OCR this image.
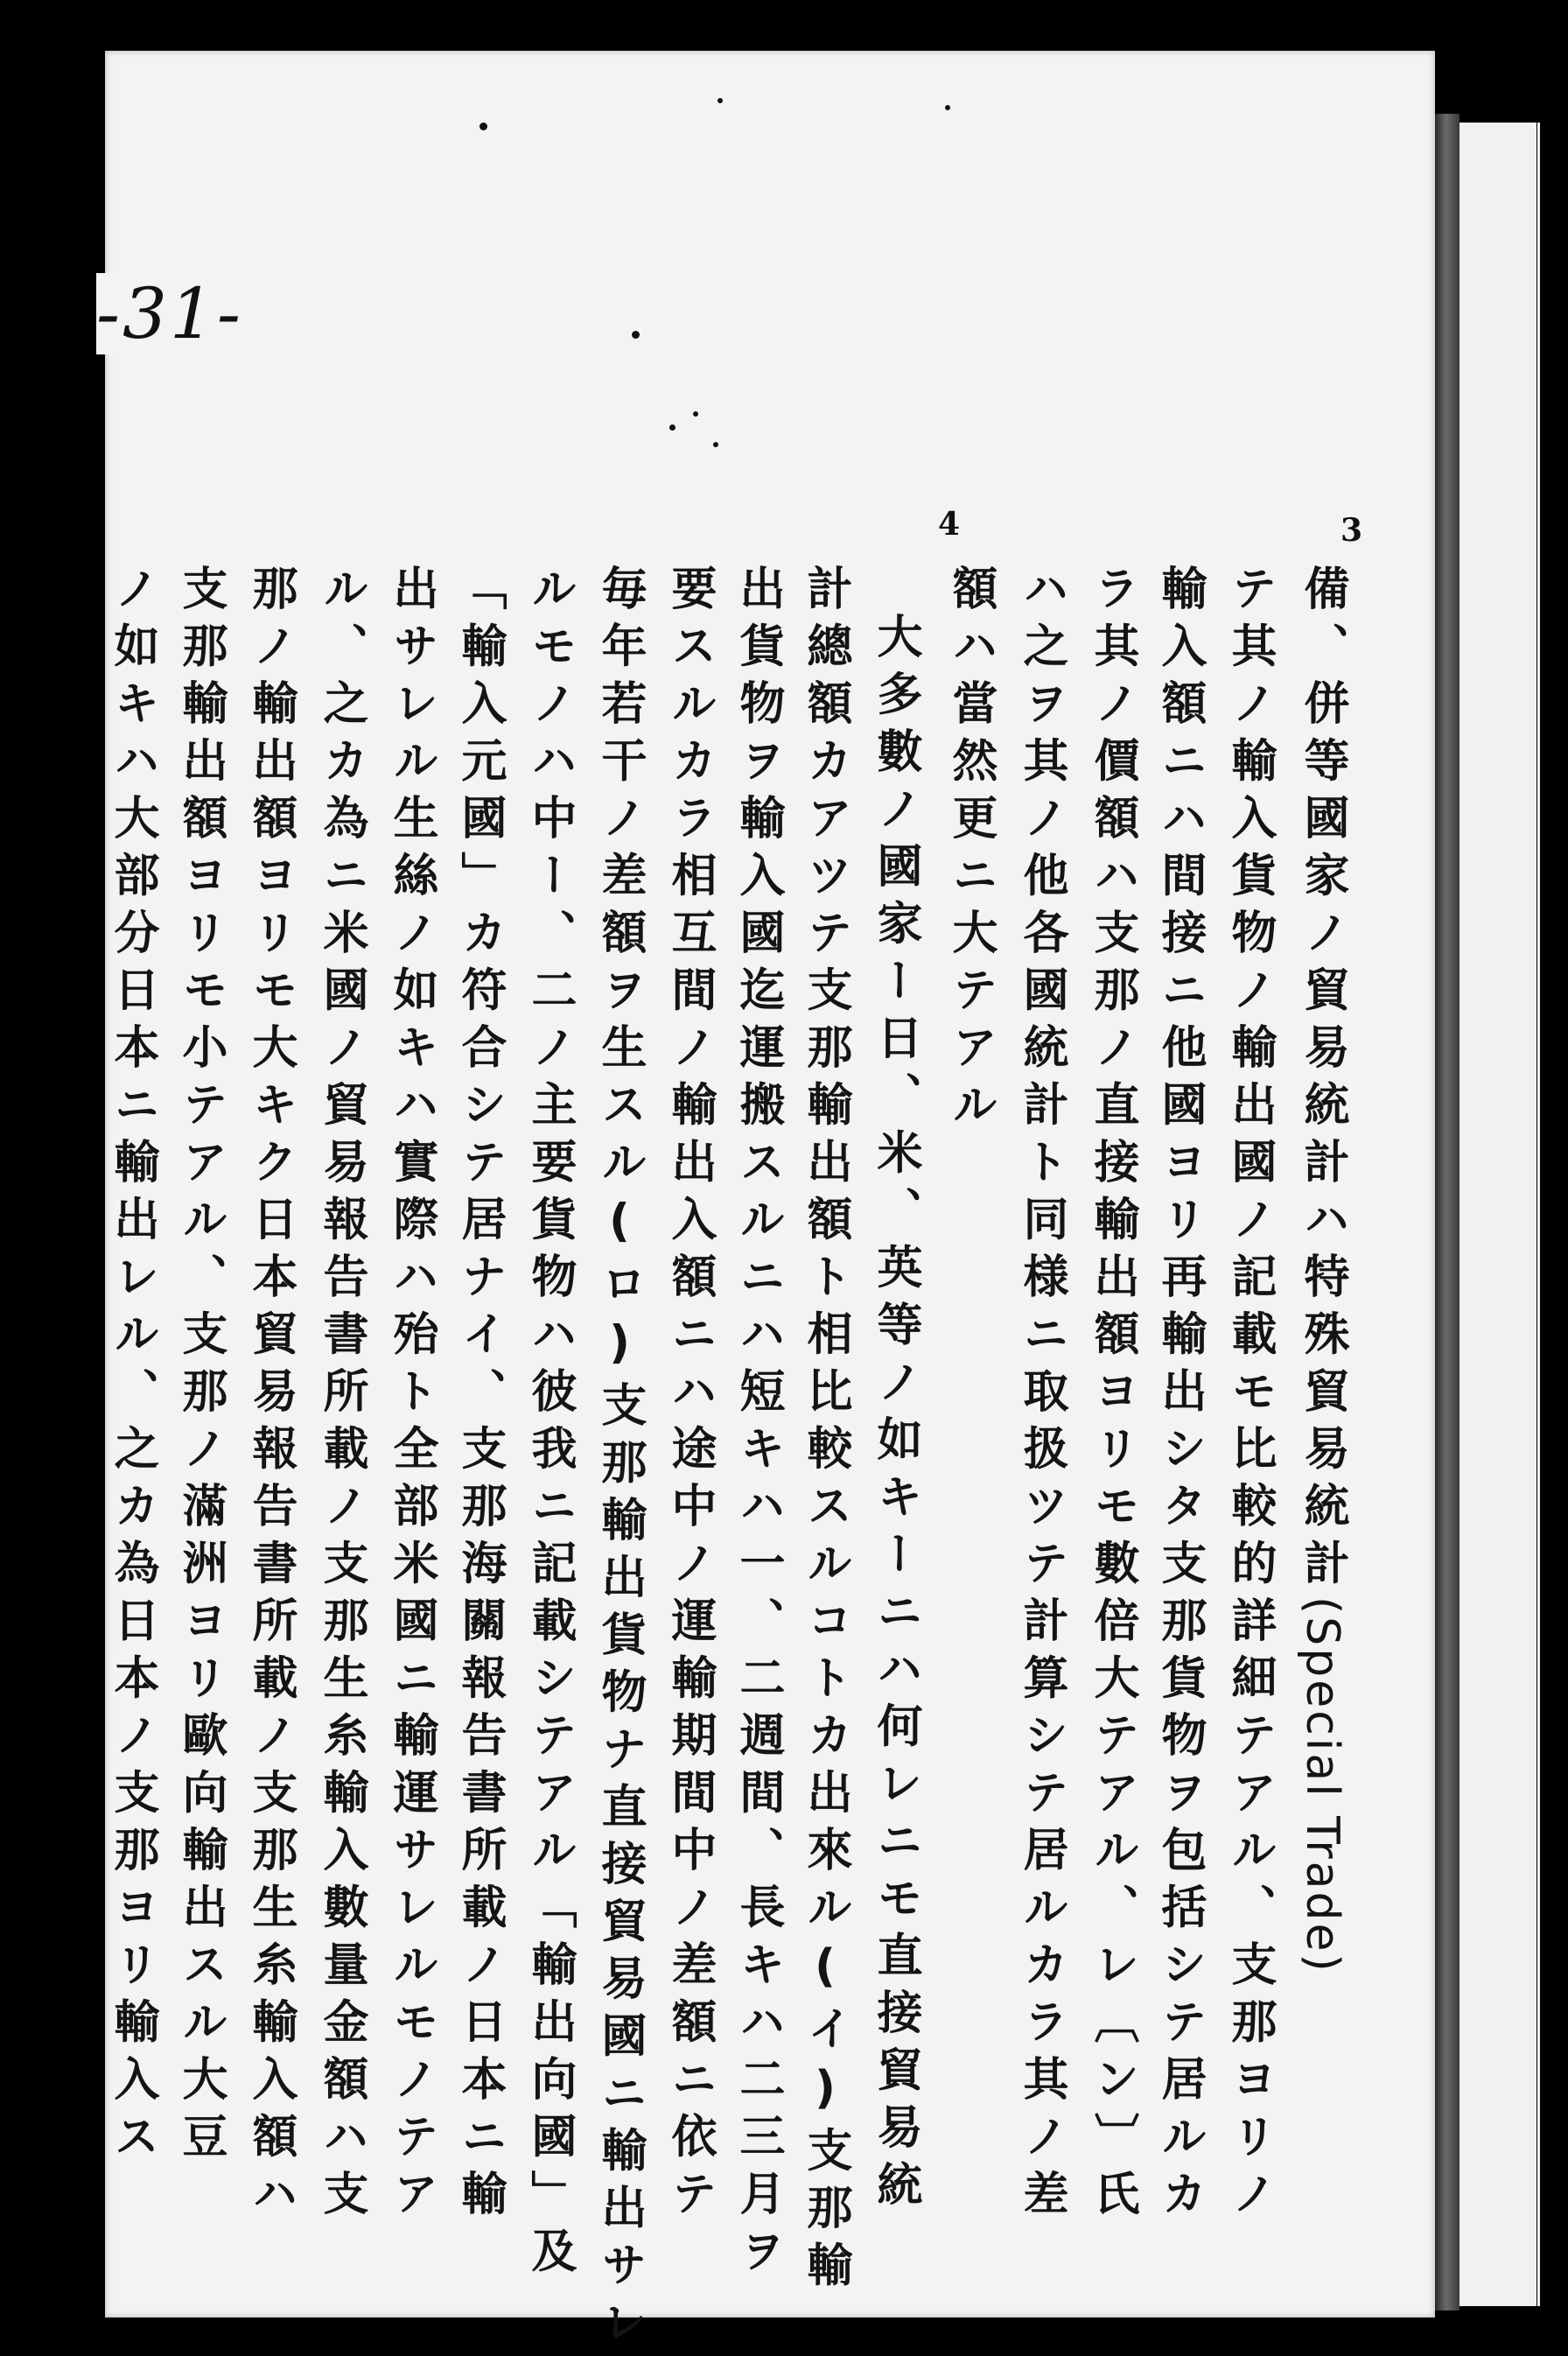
-31-
3
4
備、併等國家ノ貿易統計ハ特殊貿易統計(Special Trade)
テ其ノ輸入貨物ノ輸出國ノ記載モ比較的詳細テアル、支那ヨリノ
輸入額ニハ間接ニ他國ヨリ再輸出シタ支那貨物ヲ包括シテ居ルカ
ラ其ノ價額ハ支那ノ直接輸出額ヨリモ數倍大テアル、レ〔ン〕氏
ハ之ヲ其ノ他各國統計ト同様ニ取扱ツテ計算シテ居ルカラ其ノ差
額ハ當然更ニ大テアル
大多數ノ國家ー日、米、英等ノ如キーニハ何レニモ直接貿易統
計總額カアツテ支那輸出額ト相比較スルコトカ出來ル(イ)支那輸
出貨物ヲ輸入國迄運搬スルニハ短キハ一、二週間、長キハ二三月ヲ
要スルカラ相互間ノ輸出入額ニハ途中ノ運輸期間中ノ差額ニ依テ
毎年若干ノ差額ヲ生スル(ロ)支那輸出貨物ナ直接貿易國ニ輸出サレ
ルモノハ中ー、二ノ主要貨物ハ彼我ニ記載シテアル「輸出向國」及
「輸入元國」カ符合シテ居ナイ、支那海關報告書所載ノ日本ニ輸
出サレル生絲ノ如キハ實際ハ殆ト全部米國ニ輸運サレルモノテア
ル、之カ為ニ米國ノ貿易報告書所載ノ支那生糸輸入數量金額ハ支
那ノ輸出額ヨリモ大キク日本貿易報告書所載ノ支那生糸輸入額ハ
支那輸出額ヨリモ小テアル、支那ノ滿洲ヨリ歐向輸出スル大豆
ノ如キハ大部分日本ニ輸出レル、之カ為日本ノ支那ヨリ輸入ス
